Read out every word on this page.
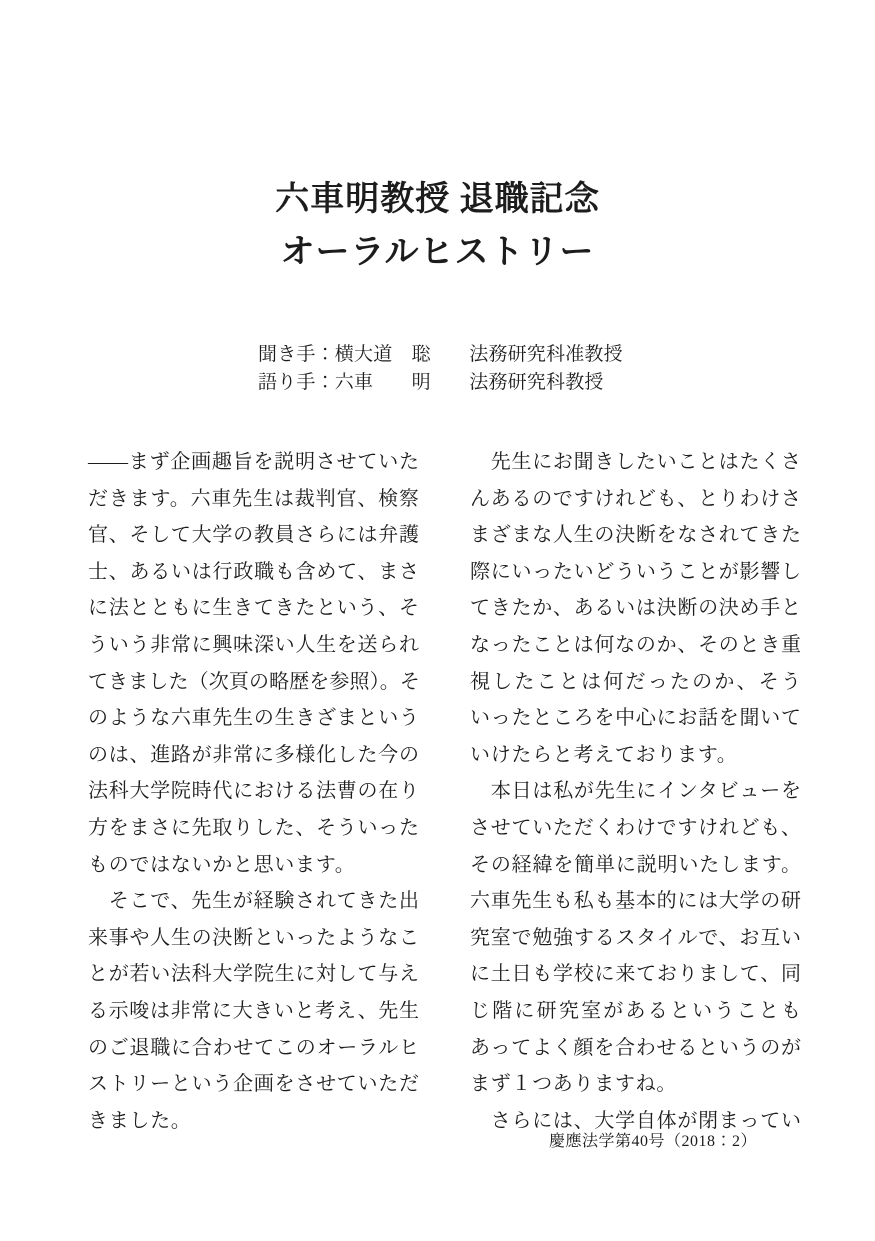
六車明教授 退職記念
オーラルヒストリー
聞き手：横大道　聡　　法務研究科准教授
語り手：六車　　明　　法務研究科教授
――まず企画趣旨を説明させていた
だきます。六車先生は裁判官、検察
官、そして大学の教員さらには弁護
士、あるいは行政職も含めて、まさ
に法とともに生きてきたという、そ
ういう非常に興味深い人生を送られ
てきました（次頁の略歴を参照）。そ
のような六車先生の生きざまという
のは、進路が非常に多様化した今の
法科大学院時代における法曹の在り
方をまさに先取りした、そういった
ものではないかと思います。
　そこで、先生が経験されてきた出
来事や人生の決断といったようなこ
とが若い法科大学院生に対して与え
る示唆は非常に大きいと考え、先生
のご退職に合わせてこのオーラルヒ
ストリーという企画をさせていただ
きました。
　先生にお聞きしたいことはたくさ
んあるのですけれども、とりわけさ
まざまな人生の決断をなされてきた
際にいったいどういうことが影響し
てきたか、あるいは決断の決め手と
なったことは何なのか、そのとき重
視したことは何だったのか、そう
いったところを中心にお話を聞いて
いけたらと考えております。
　本日は私が先生にインタビューを
させていただくわけですけれども、
その経緯を簡単に説明いたします。
六車先生も私も基本的には大学の研
究室で勉強するスタイルで、お互い
に土日も学校に来ておりまして、同
じ階に研究室があるということも
あってよく顔を合わせるというのが
まず１つありますね。
　さらには、大学自体が閉まってい
慶應法学第40号（2018：2）
